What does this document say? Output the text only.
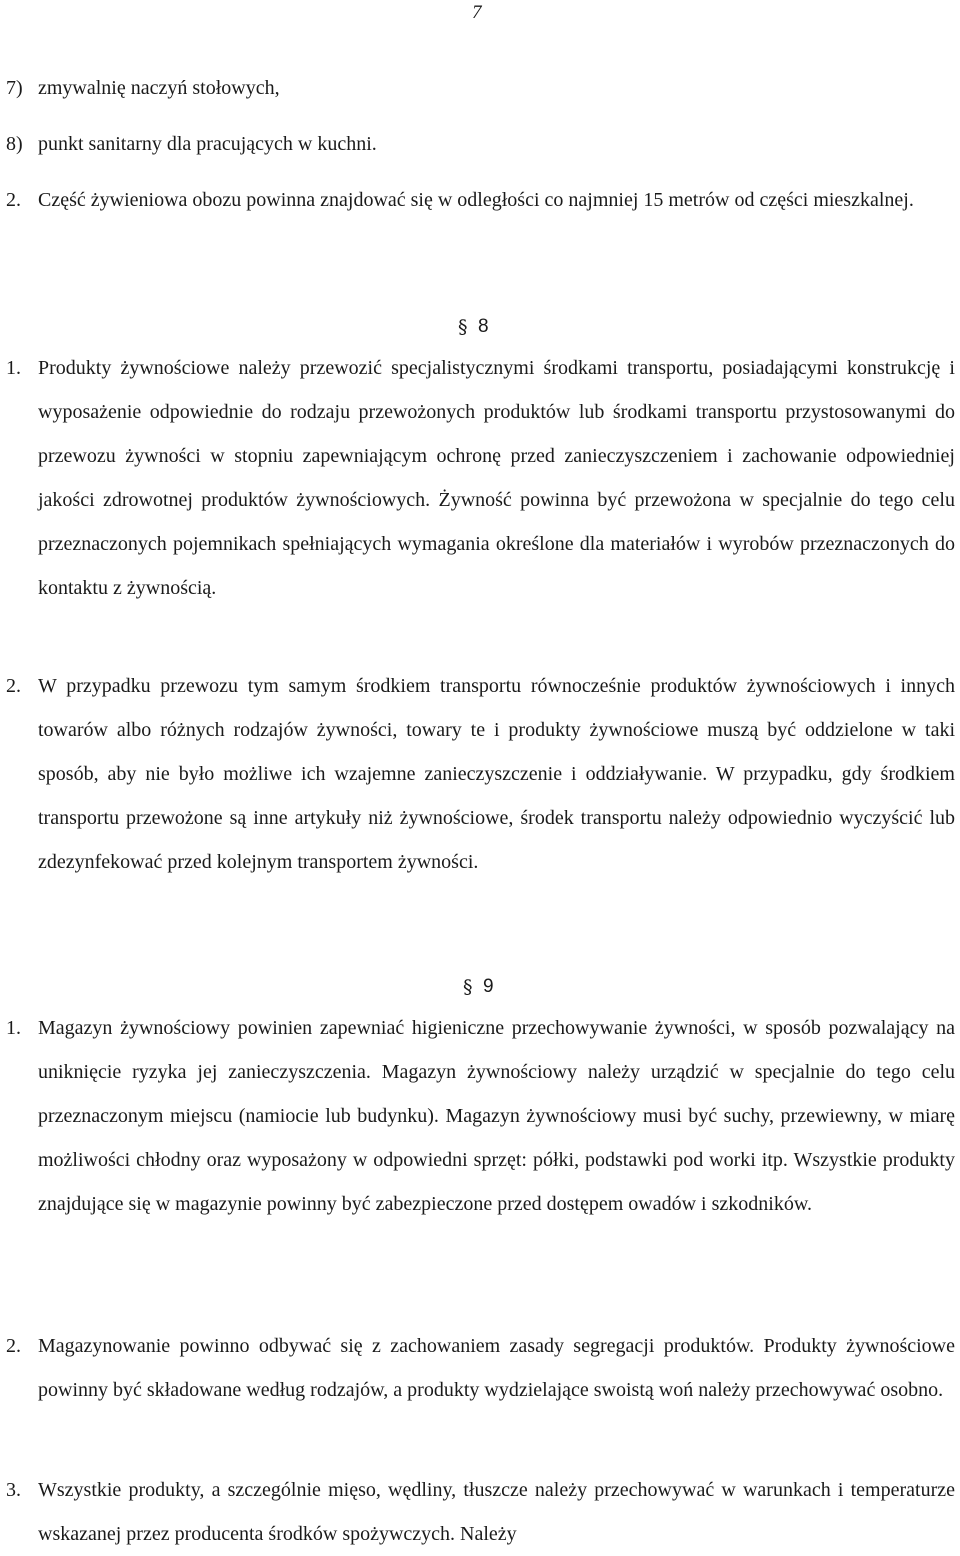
7
7) zmywalnię naczyń stołowych,
8) punkt sanitarny dla pracujących w kuchni.
2. Część żywieniowa obozu powinna znajdować się w odległości co najmniej 15 metrów od części mieszkalnej.
§ 8
1. Produkty żywnościowe należy przewozić specjalistycznymi środkami transportu, posiadającymi konstrukcję i wyposażenie odpowiednie do rodzaju przewożonych produktów lub środkami transportu przystosowanymi do przewozu żywności w stopniu zapewniającym ochronę przed zanieczyszczeniem i zachowanie odpowiedniej jakości zdrowotnej produktów żywnościowych. Żywność powinna być przewożona w specjalnie do tego celu przeznaczonych pojemnikach spełniających wymagania określone dla materiałów i wyrobów przeznaczonych do kontaktu z żywnością.
2. W przypadku przewozu tym samym środkiem transportu równocześnie produktów żywnościowych i innych towarów albo różnych rodzajów żywności, towary te i produkty żywnościowe muszą być oddzielone w taki sposób, aby nie było możliwe ich wzajemne zanieczyszczenie i oddziaływanie. W przypadku, gdy środkiem transportu przewożone są inne artykuły niż żywnościowe, środek transportu należy odpowiednio wyczyścić lub zdezynfekować przed kolejnym transportem żywności.
§ 9
1. Magazyn żywnościowy powinien zapewniać higieniczne przechowywanie żywności, w sposób pozwalający na uniknięcie ryzyka jej zanieczyszczenia. Magazyn żywnościowy należy urządzić w specjalnie do tego celu przeznaczonym miejscu (namiocie lub budynku). Magazyn żywnościowy musi być suchy, przewiewny, w miarę możliwości chłodny oraz wyposażony w odpowiedni sprzęt: półki, podstawki pod worki itp. Wszystkie produkty znajdujące się w magazynie powinny być zabezpieczone przed dostępem owadów i szkodników.
2. Magazynowanie powinno odbywać się z zachowaniem zasady segregacji produktów. Produkty żywnościowe powinny być składowane według rodzajów, a produkty wydzielające swoistą woń należy przechowywać osobno.
3. Wszystkie produkty, a szczególnie mięso, wędliny, tłuszcze należy przechowywać w warunkach i temperaturze wskazanej przez producenta środków spożywczych. Należy
